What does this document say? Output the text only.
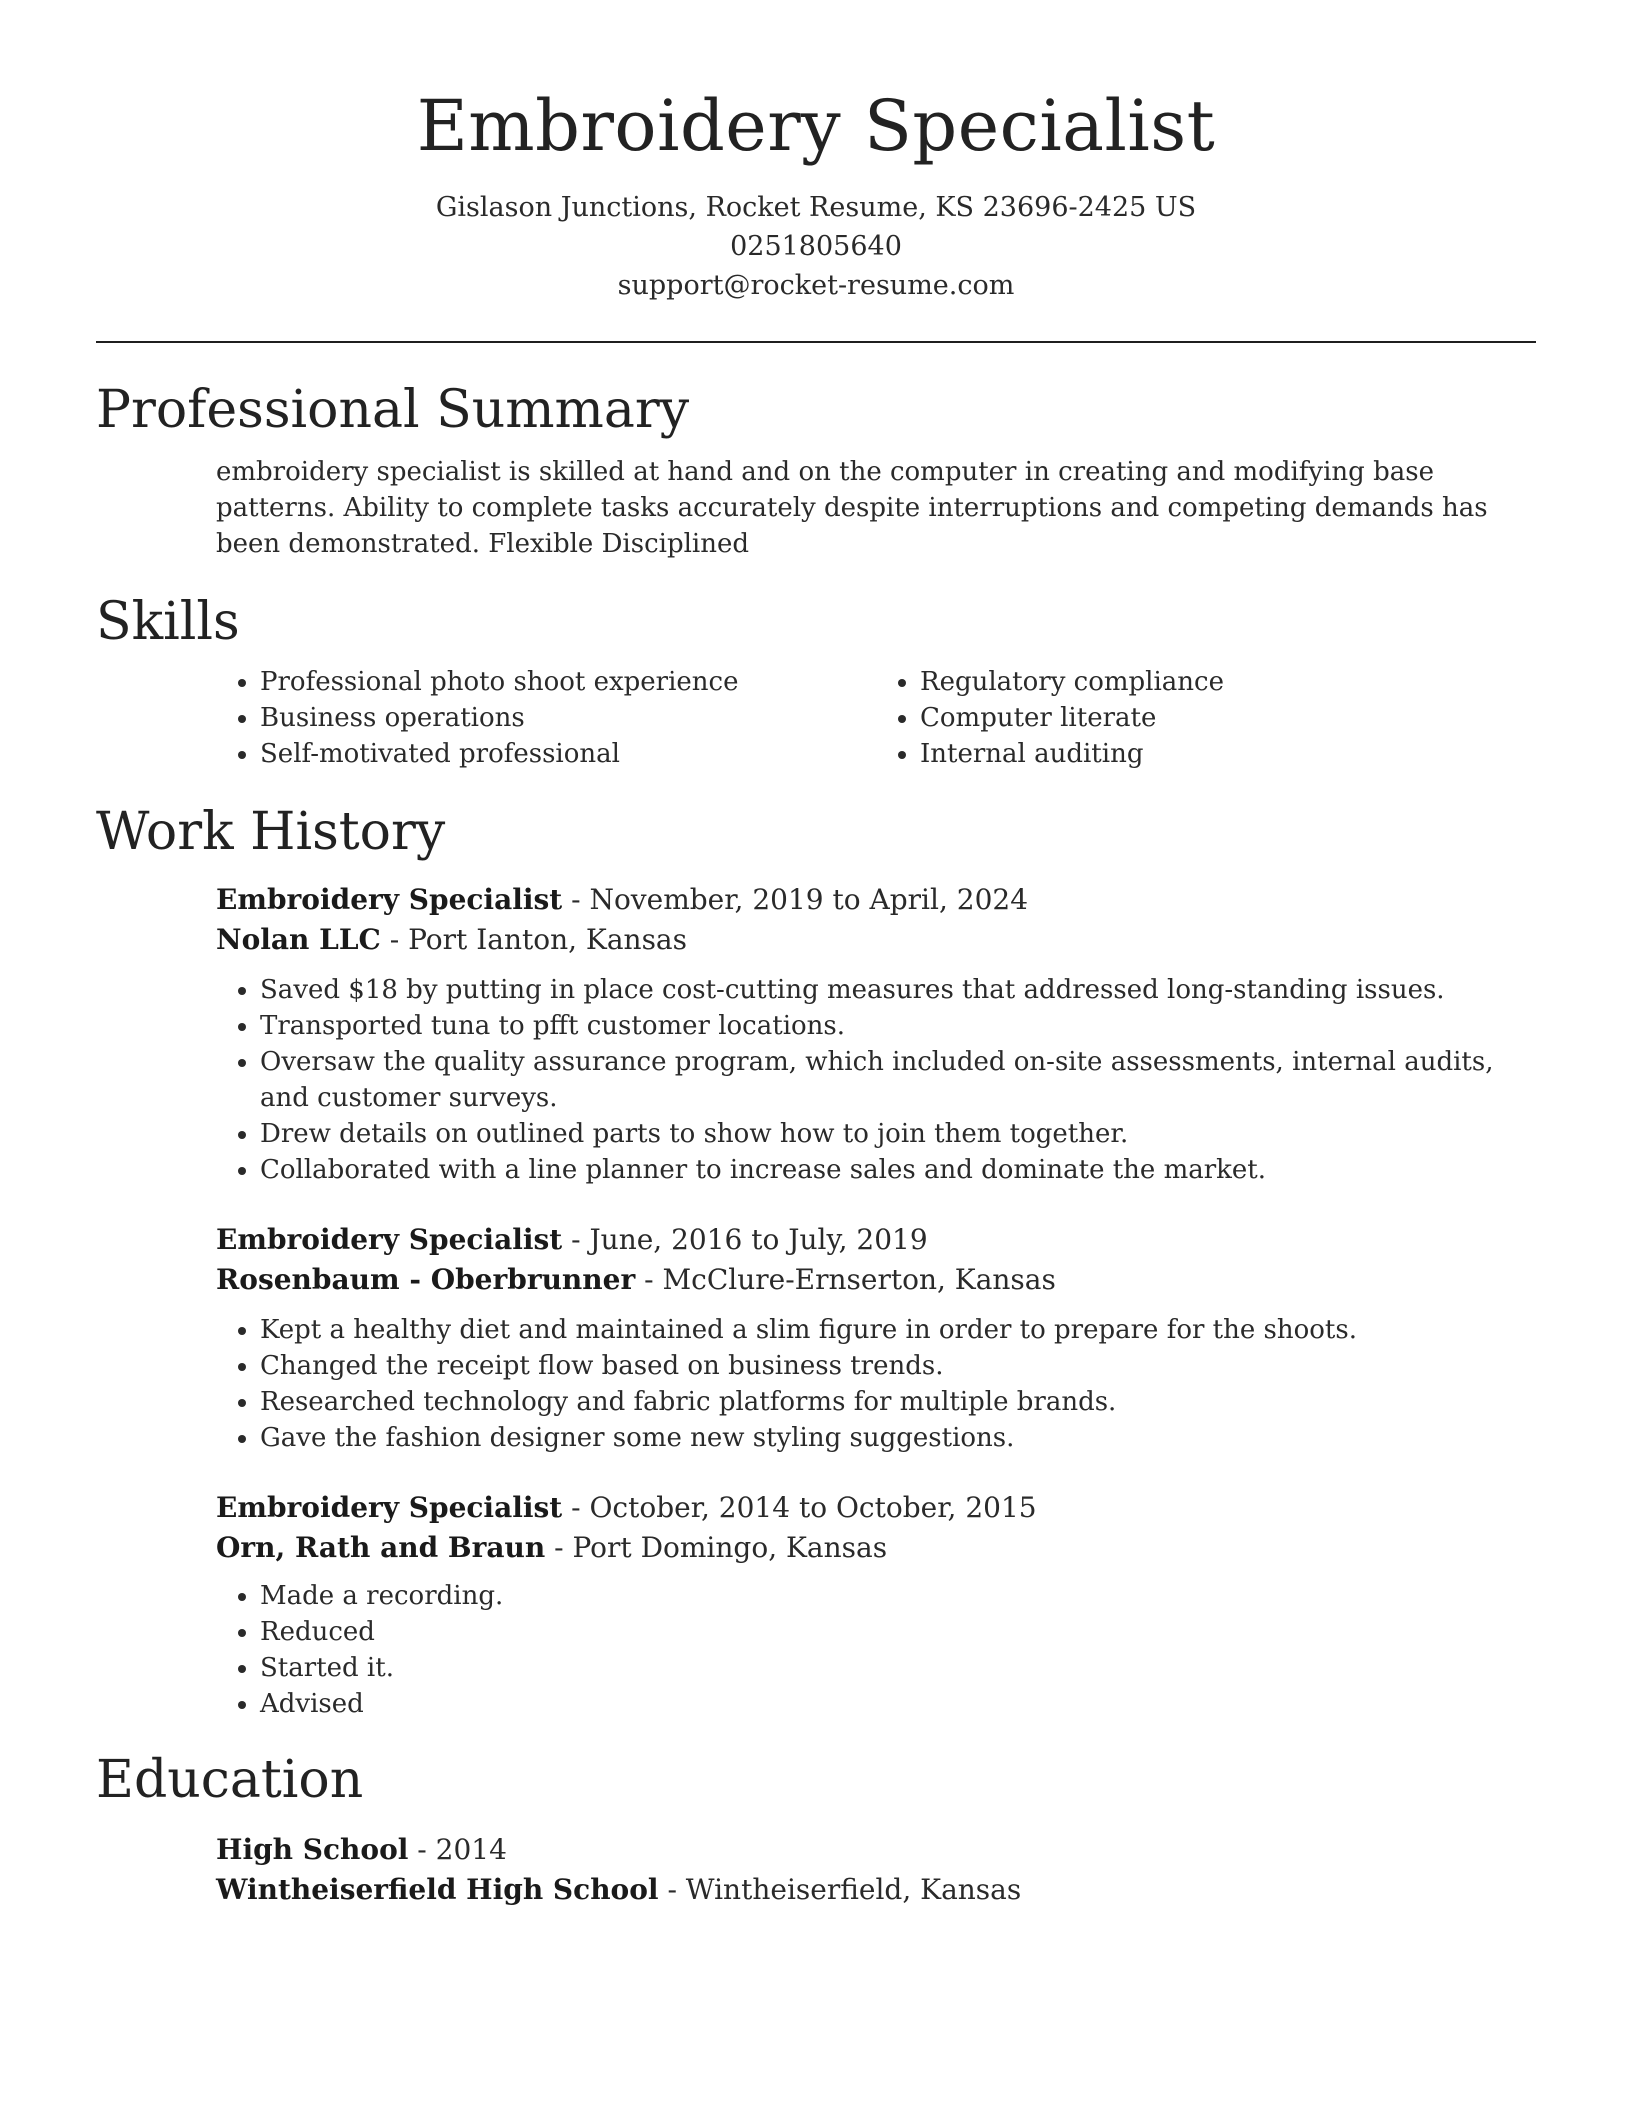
Embroidery Specialist
Gislason Junctions, Rocket Resume, KS 23696-2425 US
0251805640
support@rocket-resume.com
Professional Summary
embroidery specialist is skilled at hand and on the computer in creating and modifying base patterns. Ability to complete tasks accurately despite interruptions and competing demands has been demonstrated. Flexible Disciplined
Skills
• Professional photo shoot experience
• Business operations
• Self-motivated professional
• Regulatory compliance
• Computer literate
• Internal auditing
Work History
Embroidery Specialist - November, 2019 to April, 2024
Nolan LLC - Port Ianton, Kansas
• Saved $18 by putting in place cost-cutting measures that addressed long-standing issues.
• Transported tuna to pfft customer locations.
• Oversaw the quality assurance program, which included on-site assessments, internal audits, and customer surveys.
• Drew details on outlined parts to show how to join them together.
• Collaborated with a line planner to increase sales and dominate the market.
Embroidery Specialist - June, 2016 to July, 2019
Rosenbaum - Oberbrunner - McClure-Ernserton, Kansas
• Kept a healthy diet and maintained a slim figure in order to prepare for the shoots.
• Changed the receipt flow based on business trends.
• Researched technology and fabric platforms for multiple brands.
• Gave the fashion designer some new styling suggestions.
Embroidery Specialist - October, 2014 to October, 2015
Orn, Rath and Braun - Port Domingo, Kansas
• Made a recording.
• Reduced
• Started it.
• Advised
Education
High School - 2014
Wintheiserfield High School - Wintheiserfield, Kansas
